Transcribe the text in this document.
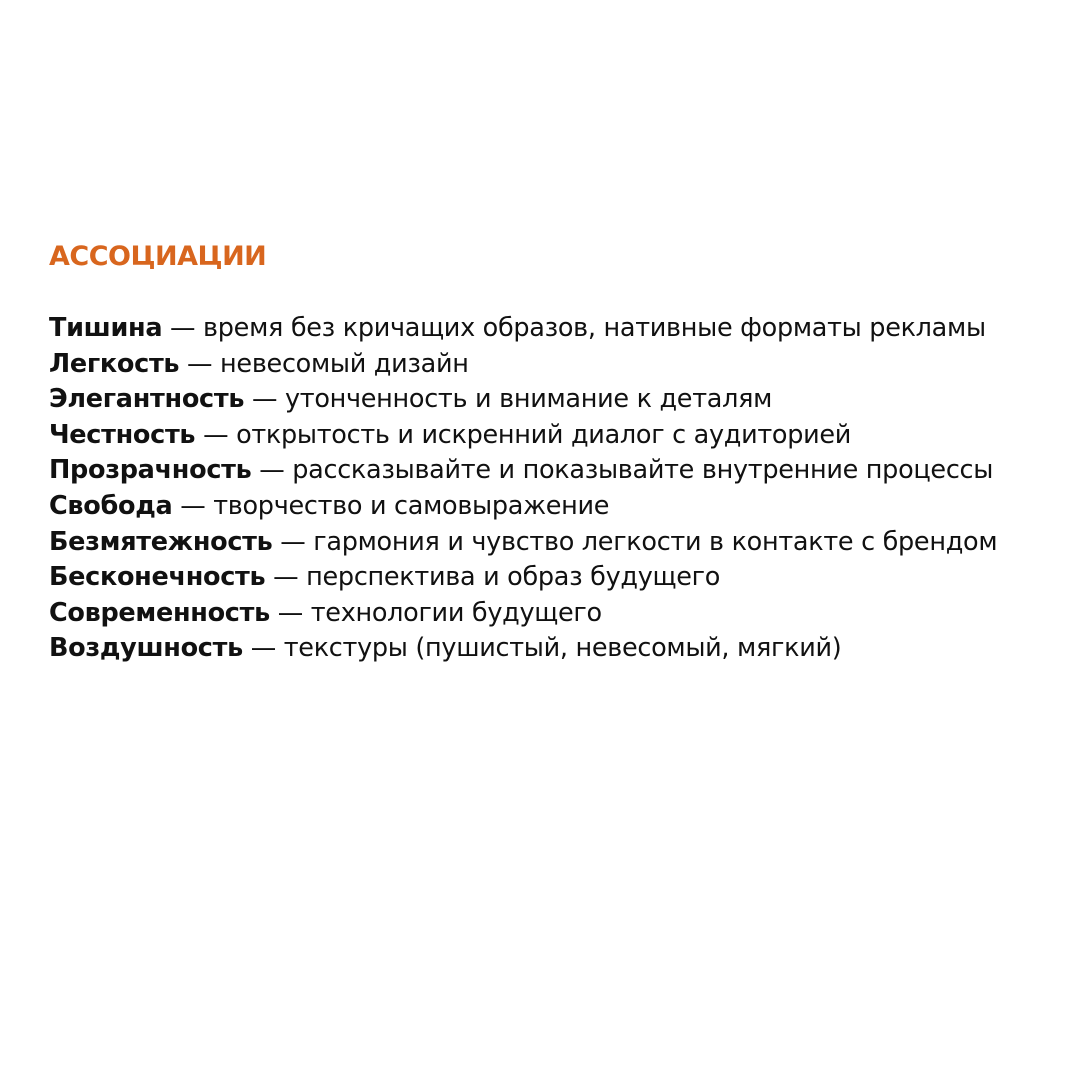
АССОЦИАЦИИ
Тишина — время без кричащих образов, нативные форматы рекламы
Легкость — невесомый дизайн
Элегантность — утонченность и внимание к деталям
Честность — открытость и искренний диалог с аудиторией
Прозрачность — рассказывайте и показывайте внутренние процессы
Свобода — творчество и самовыражение
Безмятежность — гармония и чувство легкости в контакте с брендом
Бесконечность — перспектива и образ будущего
Современность — технологии будущего
Воздушность — текстуры (пушистый, невесомый, мягкий)
